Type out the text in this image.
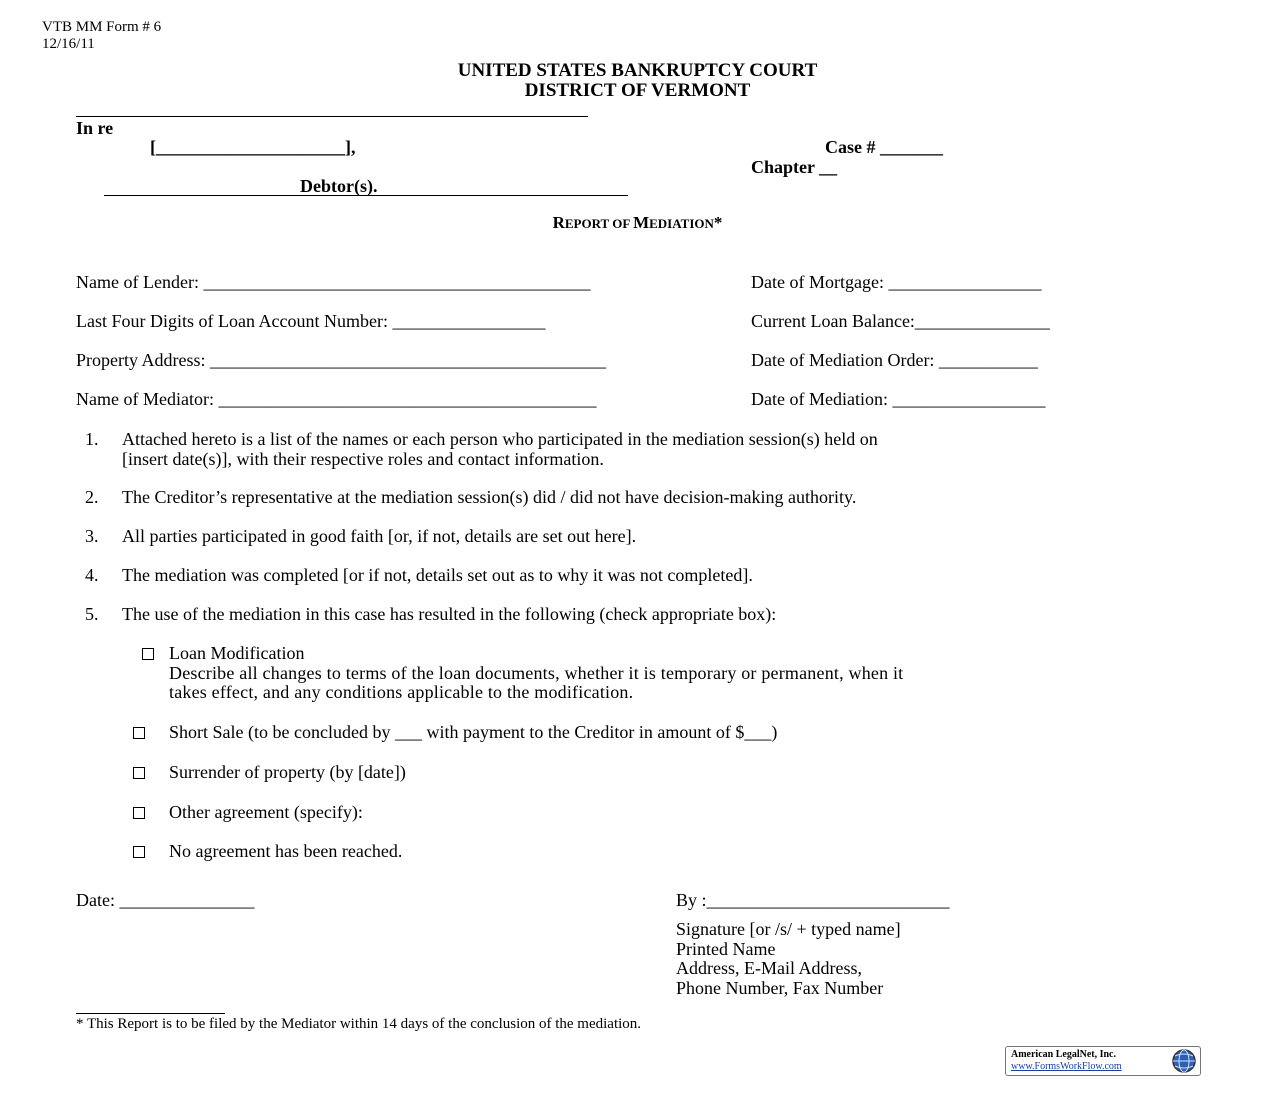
VTB MM Form # 6
12/16/11
UNITED STATES BANKRUPTCY COURT
DISTRICT OF VERMONT
In re
[_____________________],	Case # _______
Chapter __
Debtor(s).
REPORT OF MEDIATION*
Name of Lender: ___________________________________________	Date of Mortgage: _________________
Last Four Digits of Loan Account Number: _________________	Current Loan Balance:_______________
Property Address: ____________________________________________	Date of Mediation Order: ___________
Name of Mediator: __________________________________________	Date of Mediation: _________________
1. Attached hereto is a list of the names or each person who participated in the mediation session(s) held on
[insert date(s)], with their respective roles and contact information.
2. The Creditor’s representative at the mediation session(s) did / did not have decision-making authority.
3. All parties participated in good faith [or, if not, details are set out here].
4. The mediation was completed [or if not, details set out as to why it was not completed].
5. The use of the mediation in this case has resulted in the following (check appropriate box):
Loan Modification
Describe all changes to terms of the loan documents, whether it is temporary or permanent, when it
takes effect, and any conditions applicable to the modification.
Short Sale (to be concluded by ___ with payment to the Creditor in amount of $___)
Surrender of property (by [date])
Other agreement (specify):
No agreement has been reached.
Date: _______________	By :___________________________
Signature [or /s/ + typed name]
Printed Name
Address, E-Mail Address,
Phone Number, Fax Number
* This Report is to be filed by the Mediator within 14 days of the conclusion of the mediation.
American LegalNet, Inc.
www.FormsWorkFlow.com
